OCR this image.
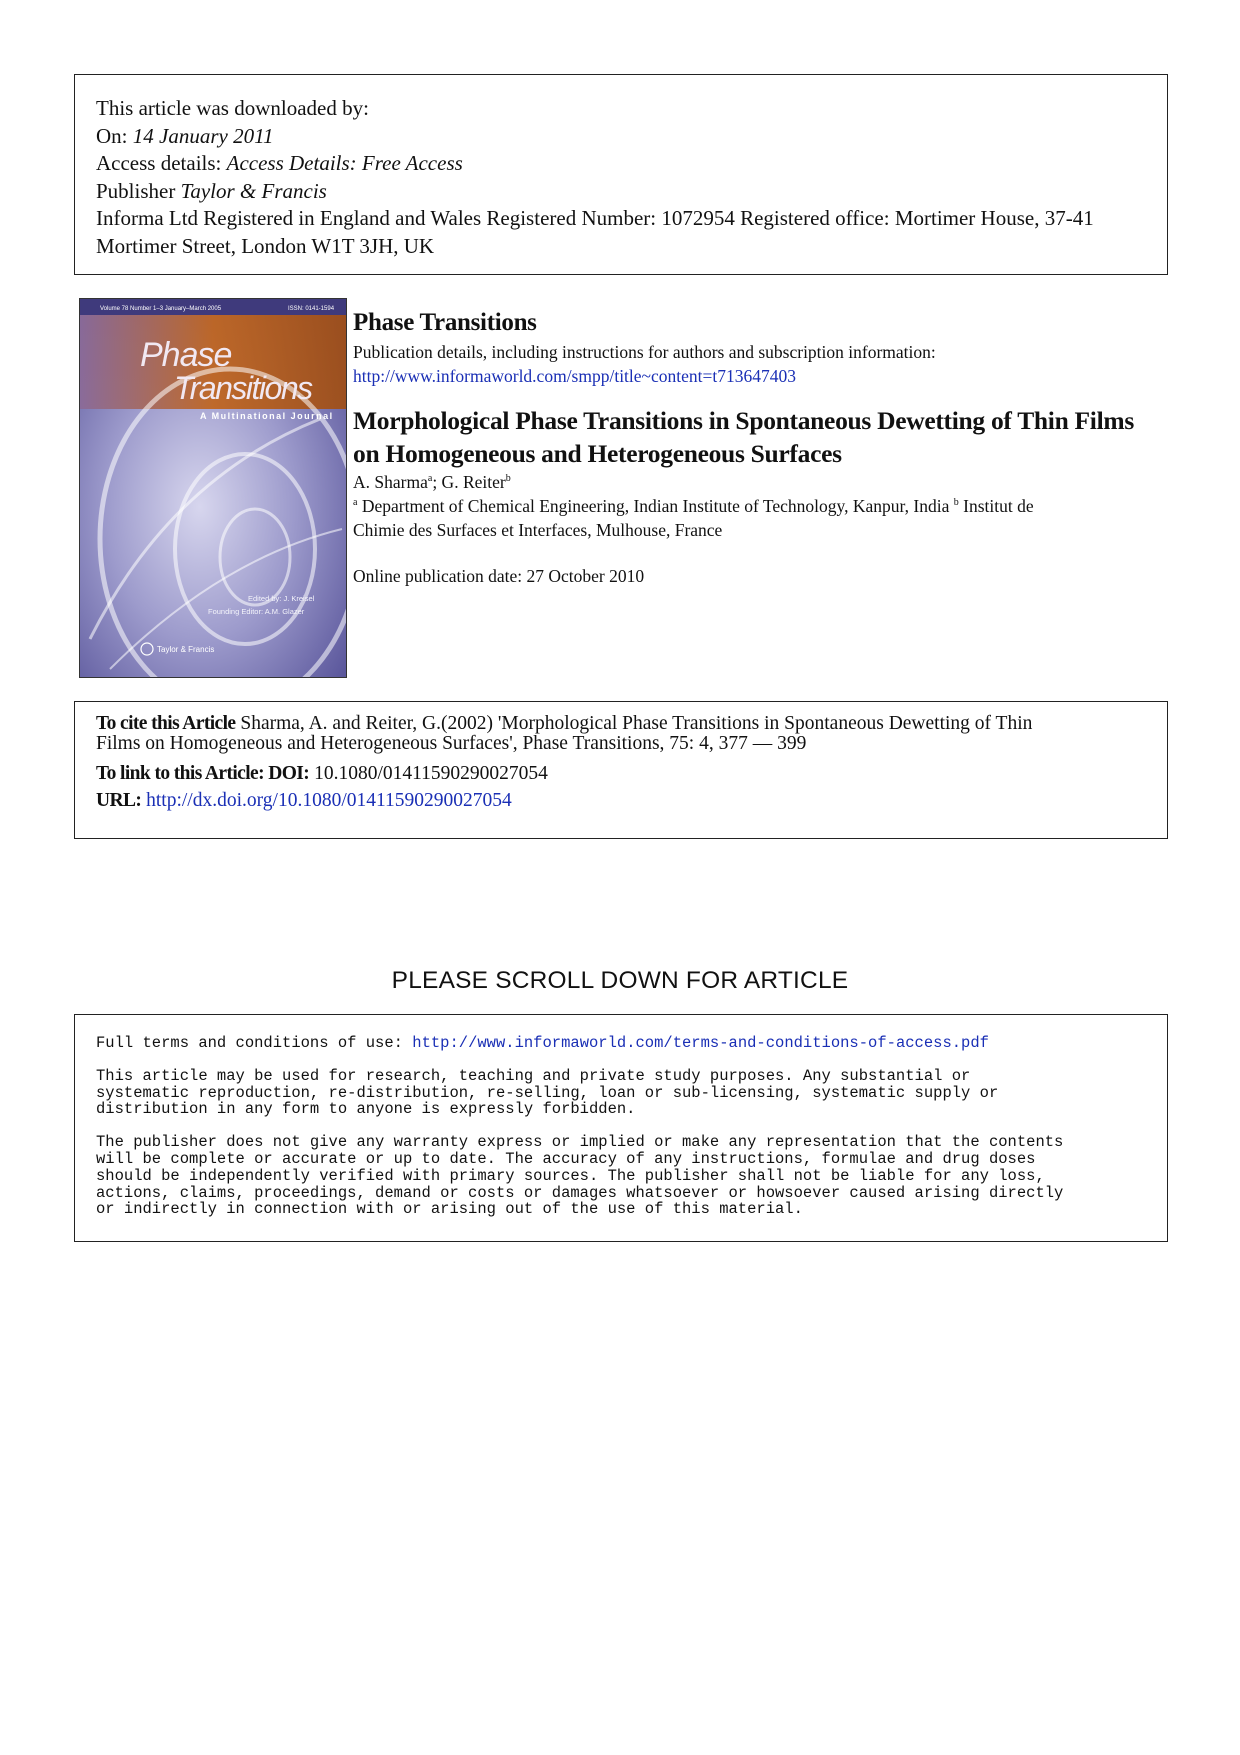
This article was downloaded by:
On: 14 January 2011
Access details: Access Details: Free Access
Publisher Taylor & Francis
Informa Ltd Registered in England and Wales Registered Number: 1072954 Registered office: Mortimer House, 37-41 Mortimer Street, London W1T 3JH, UK
Volume 78 Number 1–3 January–March 2005	ISSN: 0141-1594
Phase
Transitions
A Multinational Journal
Edited by: J. Kreisel
Founding Editor: A.M. Glazer
Taylor & Francis
Phase Transitions
Publication details, including instructions for authors and subscription information:
http://www.informaworld.com/smpp/title~content=t713647403
Morphological Phase Transitions in Spontaneous Dewetting of Thin Films
on Homogeneous and Heterogeneous Surfaces
A. Sharma$^a$; G. Reiter$^b$
$^a$ Department of Chemical Engineering, Indian Institute of Technology, Kanpur, India $^b$ Institut de
Chimie des Surfaces et Interfaces, Mulhouse, France
Online publication date: 27 October 2010
To cite this Article Sharma, A. and Reiter, G.(2002) 'Morphological Phase Transitions in Spontaneous Dewetting of Thin
Films on Homogeneous and Heterogeneous Surfaces', Phase Transitions, 75: 4, 377 — 399
To link to this Article: DOI: 10.1080/01411590290027054
URL: http://dx.doi.org/10.1080/01411590290027054
PLEASE SCROLL DOWN FOR ARTICLE
Full terms and conditions of use: http://www.informaworld.com/terms-and-conditions-of-access.pdf
This article may be used for research, teaching and private study purposes. Any substantial or
systematic reproduction, re-distribution, re-selling, loan or sub-licensing, systematic supply or
distribution in any form to anyone is expressly forbidden.
The publisher does not give any warranty express or implied or make any representation that the contents
will be complete or accurate or up to date. The accuracy of any instructions, formulae and drug doses
should be independently verified with primary sources. The publisher shall not be liable for any loss,
actions, claims, proceedings, demand or costs or damages whatsoever or howsoever caused arising directly
or indirectly in connection with or arising out of the use of this material.
